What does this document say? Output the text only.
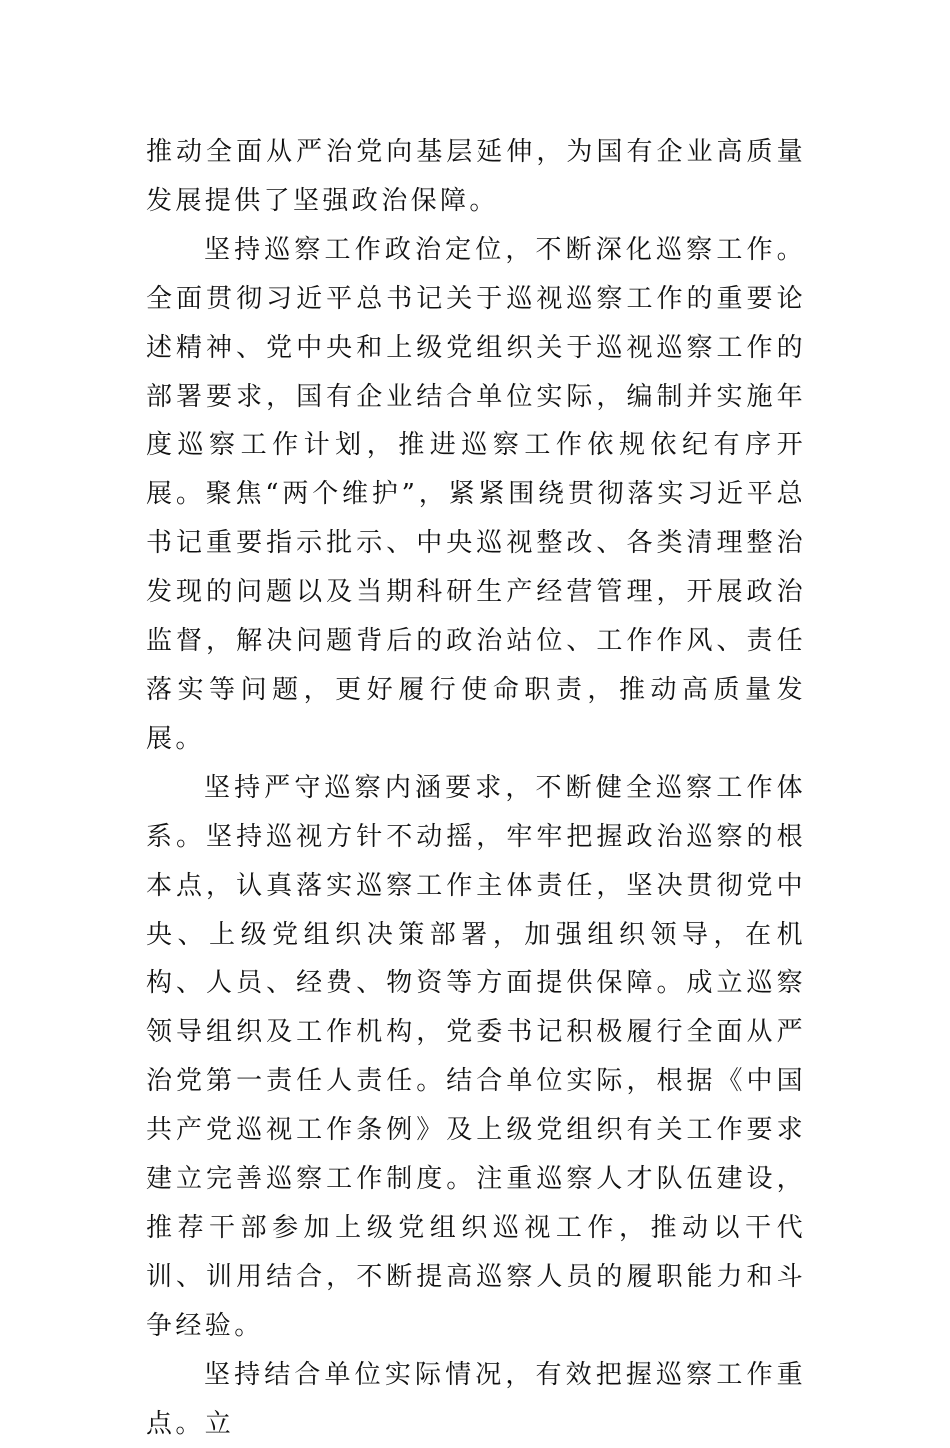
推动全面从严治党向基层延伸，为国有企业高质量发展提供了坚强政治保障。

坚持巡察工作政治定位，不断深化巡察工作。全面贯彻习近平总书记关于巡视巡察工作的重要论述精神、党中央和上级党组织关于巡视巡察工作的部署要求，国有企业结合单位实际，编制并实施年度巡察工作计划，推进巡察工作依规依纪有序开展。聚焦“两个维护”，紧紧围绕贯彻落实习近平总书记重要指示批示、中央巡视整改、各类清理整治发现的问题以及当期科研生产经营管理，开展政治监督，解决问题背后的政治站位、工作作风、责任落实等问题，更好履行使命职责，推动高质量发展。

坚持严守巡察内涵要求，不断健全巡察工作体系。坚持巡视方针不动摇，牢牢把握政治巡察的根本点，认真落实巡察工作主体责任，坚决贯彻党中央、上级党组织决策部署，加强组织领导，在机构、人员、经费、物资等方面提供保障。成立巡察领导组织及工作机构，党委书记积极履行全面从严治党第一责任人责任。结合单位实际，根据《中国共产党巡视工作条例》及上级党组织有关工作要求建立完善巡察工作制度。注重巡察人才队伍建设，推荐干部参加上级党组织巡视工作，推动以干代训、训用结合，不断提高巡察人员的履职能力和斗争经验。

坚持结合单位实际情况，有效把握巡察工作重点。立
